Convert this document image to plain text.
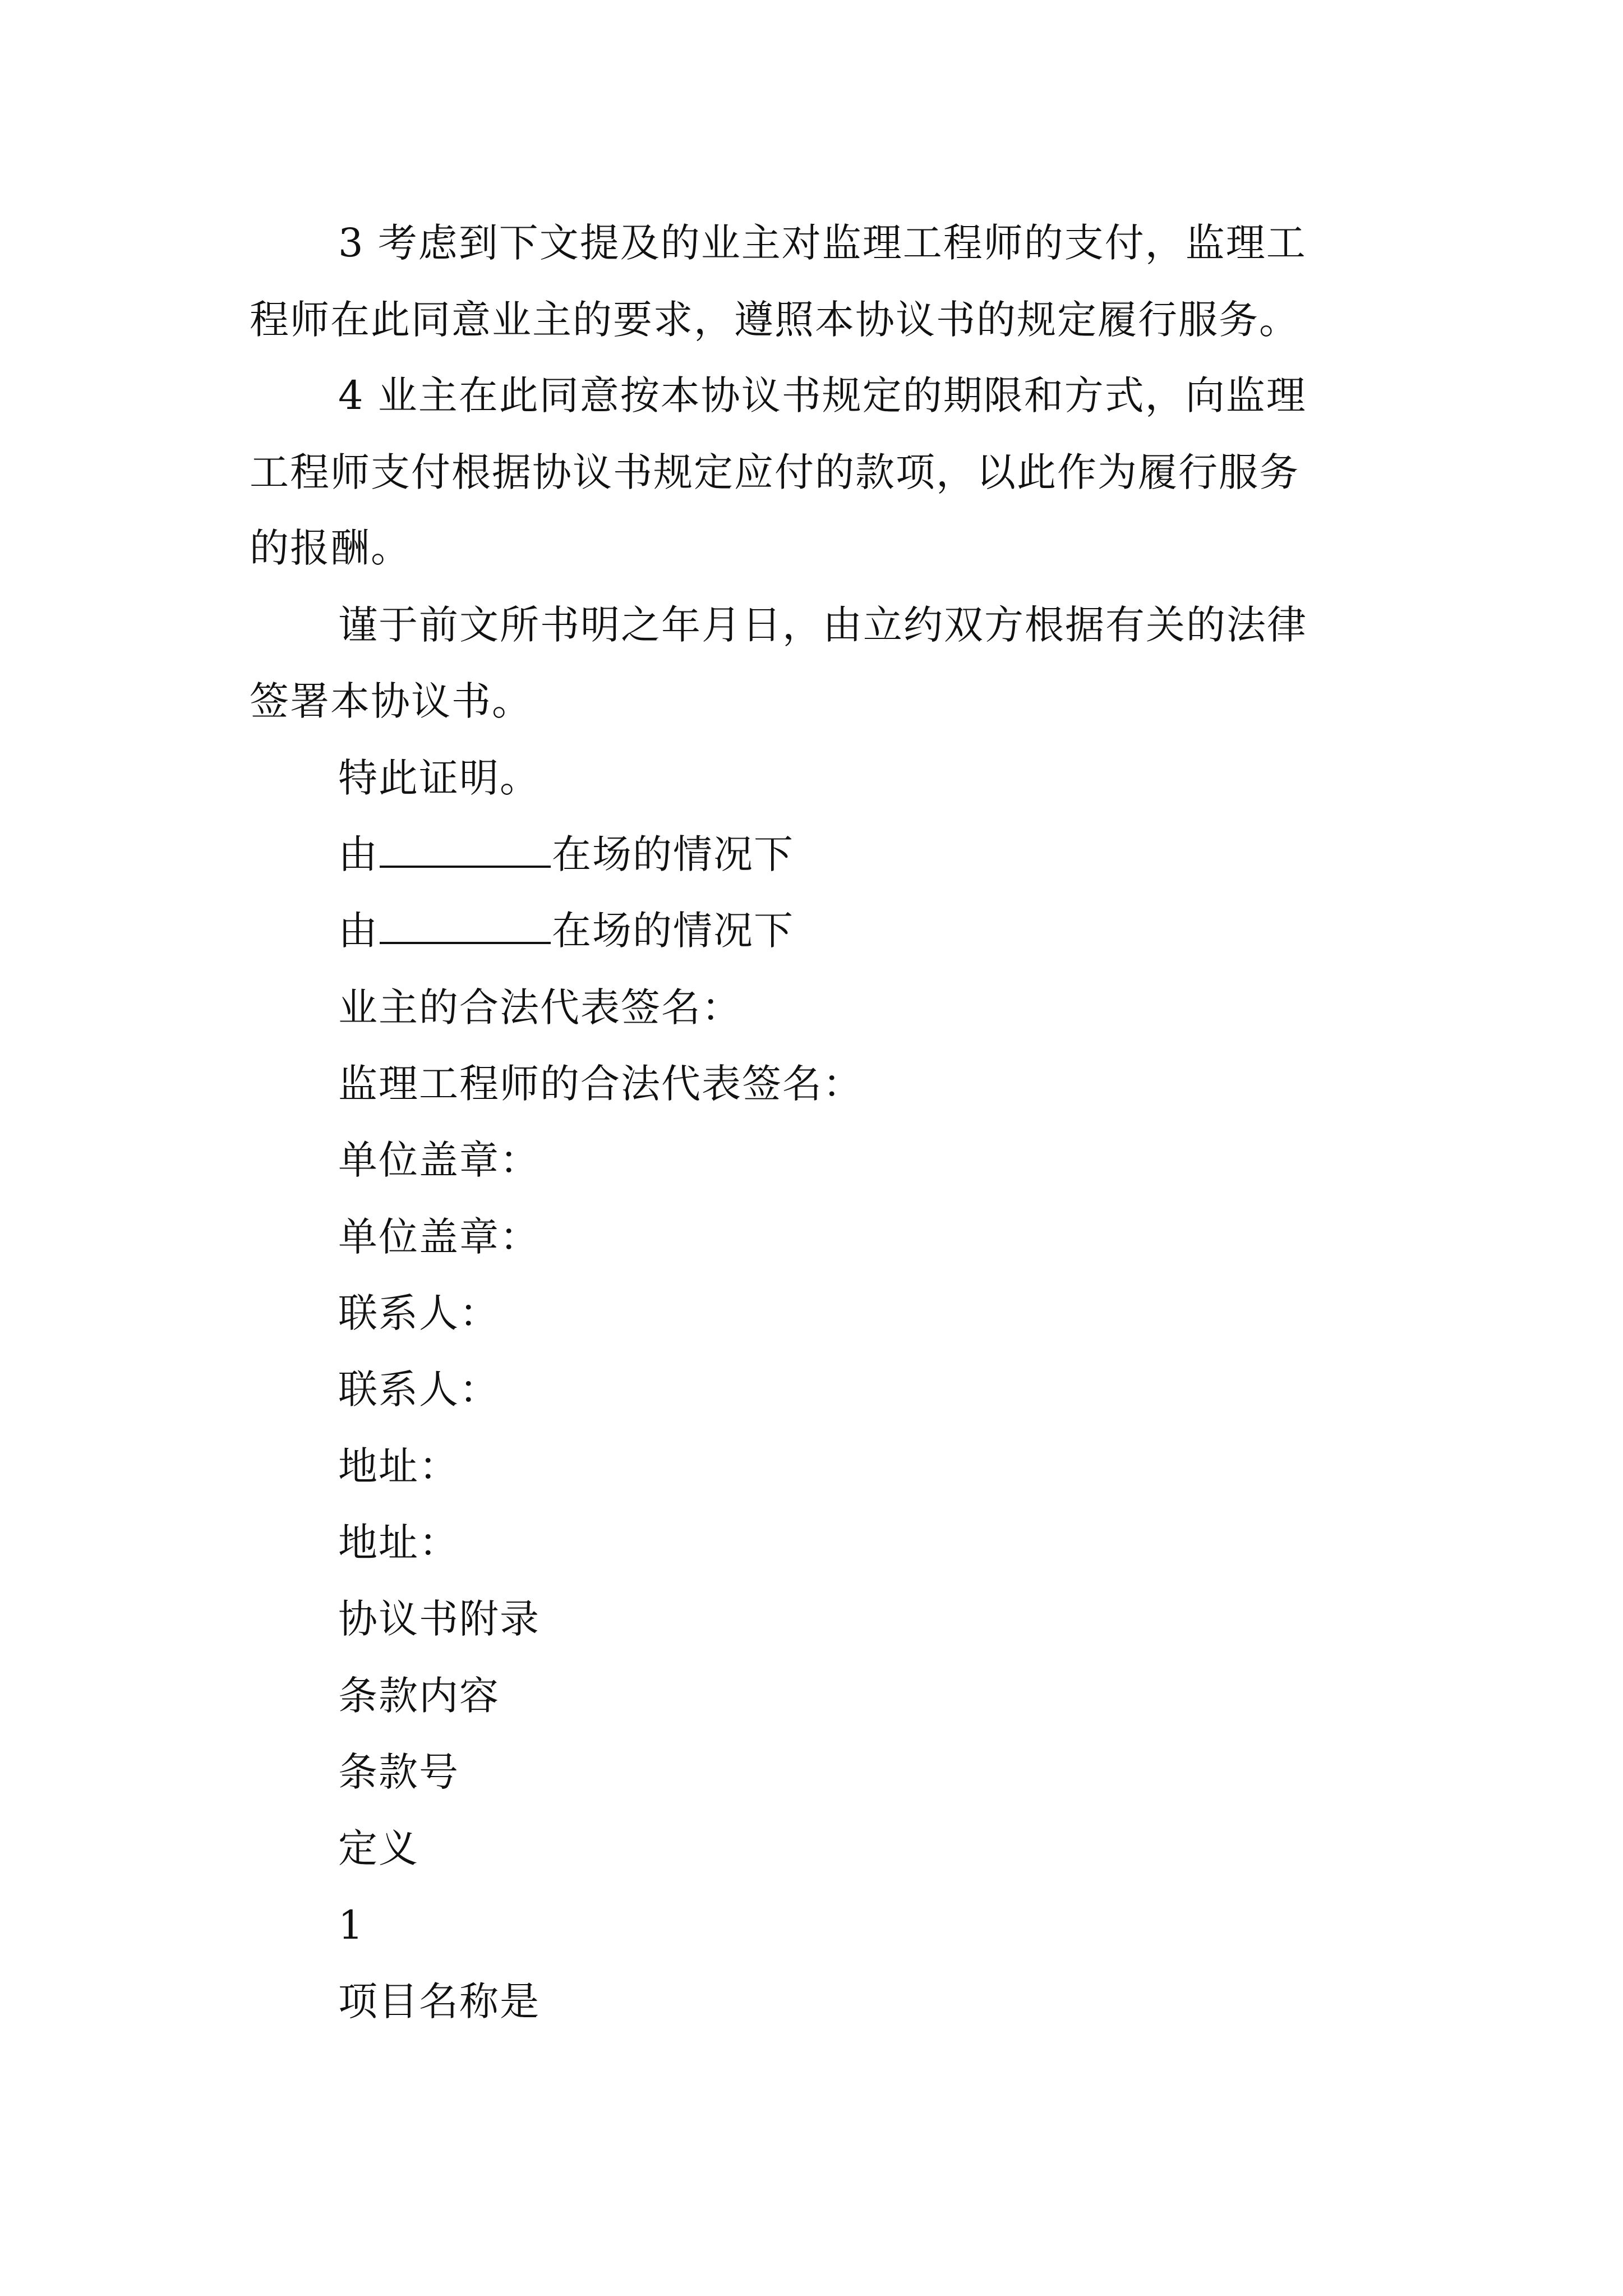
3 考虑到下文提及的业主对监理工程师的支付，监理工
程师在此同意业主的要求，遵照本协议书的规定履行服务。
4 业主在此同意按本协议书规定的期限和方式，向监理
工程师支付根据协议书规定应付的款项，以此作为履行服务
的报酬。
谨于前文所书明之年月日，由立约双方根据有关的法律
签署本协议书。
特此证明。
由	在场的情况下
由	在场的情况下
业主的合法代表签名：
监理工程师的合法代表签名：
单位盖章：
单位盖章：
联系人：
联系人：
地址：
地址：
协议书附录
条款内容
条款号
定义
1
项目名称是
